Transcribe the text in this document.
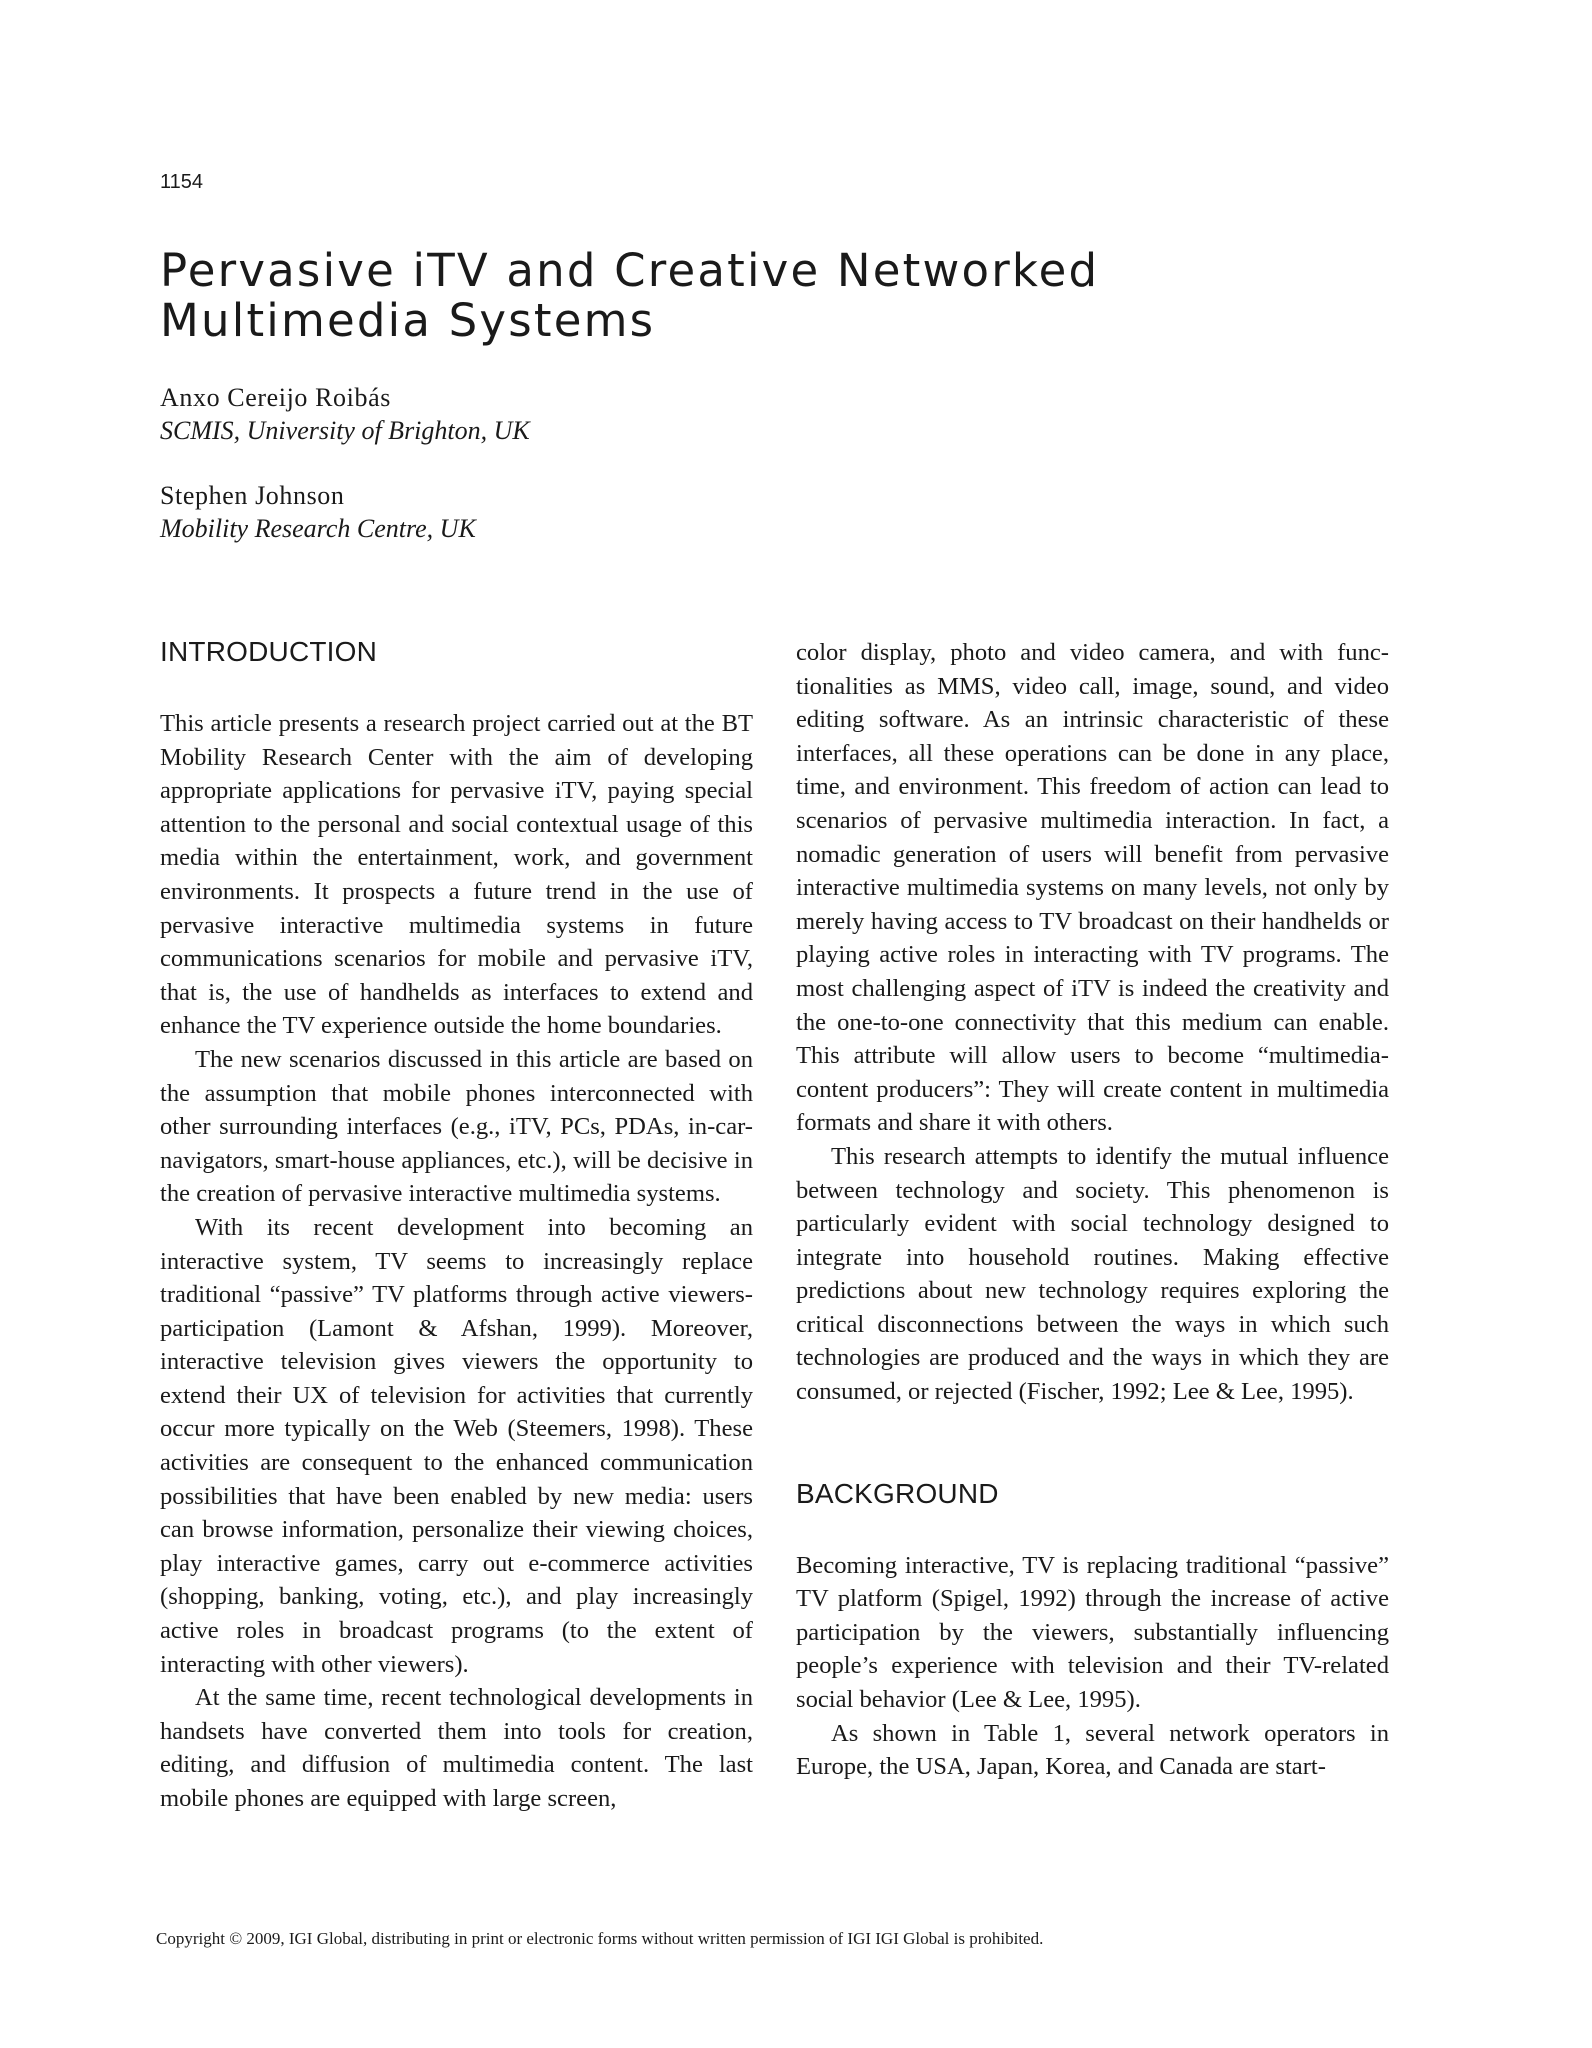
1154
Pervasive iTV and Creative Networked
Multimedia Systems
Anxo Cereijo Roibás
SCMIS, University of Brighton, UK
Stephen Johnson
Mobility Research Centre, UK
INTRODUCTION

This article presents a research project carried out at the BT Mobility Research Center with the aim of developing appropriate applications for pervasive iTV, paying special attention to the personal and social contextual usage of this media within the entertainment, work, and government environments. It prospects a future trend in the use of pervasive interactive multimedia systems in future communications scenarios for mobile and pervasive iTV, that is, the use of handhelds as interfaces to extend and enhance the TV experience outside the home boundaries.

The new scenarios discussed in this article are based on the assumption that mobile phones interconnected with other surrounding interfaces (e.g., iTV, PCs, PDAs, in-car-navigators, smart-house appliances, etc.), will be decisive in the creation of pervasive interactive multimedia systems.

With its recent development into becoming an interactive system, TV seems to increasingly replace traditional “passive” TV platforms through active viewers-participation (Lamont & Afshan, 1999). Moreover, interactive television gives viewers the opportunity to extend their UX of television for activities that currently occur more typically on the Web (Steemers, 1998). These activities are consequent to the enhanced communication possibilities that have been enabled by new media: users can browse information, personalize their viewing choices, play interactive games, carry out e-commerce activities (shopping, banking, voting, etc.), and play increasingly active roles in broadcast programs (to the extent of interacting with other viewers).

At the same time, recent technological developments in handsets have converted them into tools for creation, editing, and diffusion of multimedia content. The last mobile phones are equipped with large screen,

color display, photo and video camera, and with functionalities as MMS, video call, image, sound, and video editing software. As an intrinsic characteristic of these interfaces, all these operations can be done in any place, time, and environment. This freedom of action can lead to scenarios of pervasive multimedia interaction. In fact, a nomadic generation of users will benefit from pervasive interactive multimedia systems on many levels, not only by merely having access to TV broadcast on their handhelds or playing active roles in interacting with TV programs. The most challenging aspect of iTV is indeed the creativity and the one-to-one connectivity that this medium can enable. This attribute will allow users to become “multimedia-content producers”: They will create content in multimedia formats and share it with others.

This research attempts to identify the mutual influence between technology and society. This phenomenon is particularly evident with social technology designed to integrate into household routines. Making effective predictions about new technology requires exploring the critical disconnections between the ways in which such technologies are produced and the ways in which they are consumed, or rejected (Fischer, 1992; Lee & Lee, 1995).

BACKGROUND

Becoming interactive, TV is replacing traditional “passive” TV platform (Spigel, 1992) through the increase of active participation by the viewers, substantially influencing people’s experience with television and their TV-related social behavior (Lee & Lee, 1995).

As shown in Table 1, several network operators in Europe, the USA, Japan, Korea, and Canada are start-

Copyright © 2009, IGI Global, distributing in print or electronic forms without written permission of IGI IGI Global is prohibited.
